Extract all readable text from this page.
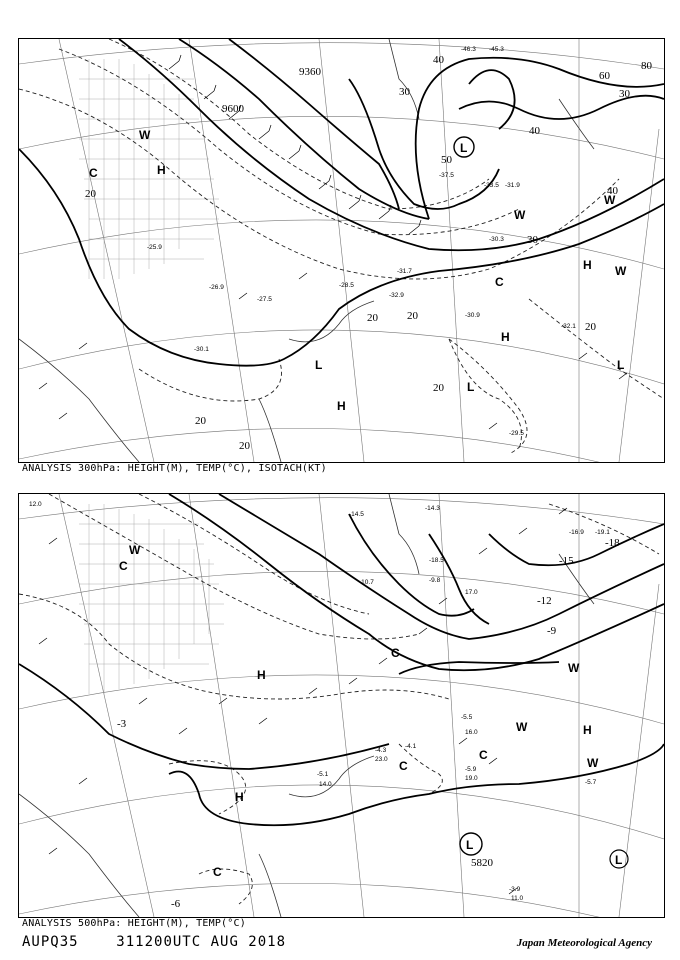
9360
9600
20
20
20
20	20
20
20
30
30	30
40
40
40
50
60
80
C	H
W
L
H
C
H
W
L
H W
L
W
L
-32.9
-30.9
-32.1
-29.5
-30.3
-31.7
-28.5
-30.1
-27.5
-26.9
-25.9
-37.5
-33.5 -31.9
-46.3 -45.3
ANALYSIS 300hPa: HEIGHT(M), TEMP(°C), ISOTACH(KT)
5820
-3
-6
-9
-12
-15
-18
W
H
C
C
W
W	H
W
H
C
L
L
C
C
-5.7
-5.9
-3.9
-4.3
-5.1
-5.5
-4.1
-9.8
-14.3
-14.5
-16.9 -19.1
-18.5
-10.7
12.0
17.0
19.0
16.0
14.0
23.0
11.0
ANALYSIS 500hPa: HEIGHT(M), TEMP(°C)
AUPQ35	311200UTC AUG 2018	Japan Meteorological Agency
